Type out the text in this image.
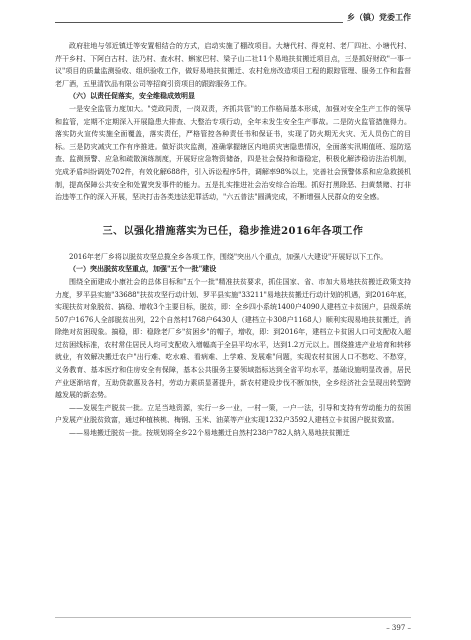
乡（镇）党委工作

政府驻地与邻近镇迁等安置相结合的方式，启动实施了棚改项目。大塘代村、得克村、老厂四社、小塘代村、芹干乡村、下阿白古村、法乃村、查水村、蝌家巴村、梁子山二社11个易地扶贫搬迁项目点，三是抓好财政"一事一议"项目的质量监测验收、组织验收工作，做好易地扶贫搬迁、农村危房改造项目工程的跟踪管理、服务工作和监督老厂酒，五里清饮品有限公司等招商引资项目的跟踪服务工作。

（六）以责任促落实，安全维稳成效明显

一是安全监管力度加大。"党政同责，一岗双责，齐抓共管"的工作格局基本形成，加强对安全生产工作的领导和监管，定期不定期深入开展隐患大排查、大整治专项行动，全年未发生安全生产事故。二是防火监管措施得力。落实防火宣传实施全面覆盖，落实责任，严格管控各种责任书和保证书，实现了防火期无火灾、无人员伤亡的目标。三是防灾减灾工作有序推进。做好洪灾监测，准确掌握辖区内地质灾害隐患情况，全面落实汛期值班、巡防巡查、监测预警、应急和疏散演练制度，开展好应急物资储备，四是社会保持和谐稳定，积极化解涉稳访法治机制，完成矛盾纠纷调处702件，有效化解688件，引入诉讼程序5件，调解率98%以上，完善社会预警体系和应急救援机制，提高保障公共安全和处置突发事件的能力。五是扎实推进社会治安综合治理。抓好打黑除恶、扫黄禁赌、打非治违等工作的深入开展，坚决打击各类违法犯罪活动，"六五普法"圆满完成，不断增强人民群众的安全感。

三、以强化措施落实为已任，稳步推进2016年各项工作

2016年老厂乡将以脱贫攻坚总揽全乡各项工作，围绕"突出八个重点，加强八大建设"开展好以下工作。

（一）突出脱贫攻坚重点，加强"五个一批"建设

围绕全面建成小康社会的总体目标和"五个一批"精准扶贫要求，抓住国家、省、市加大易地扶贫搬迁政策支持力度，罗平县实施"33688"扶贫攻坚行动计划、罗平县实施"33211"易地扶贫搬迁行动计划的机遇，到2016年底，实现扶贫对象脱贫、搞稳、增收3个主要目标，脱贫，即：全乡四小系统1400户4090人建档立卡贫困户，县级系统507户1676人全部脱贫出列，22个自然村1768户6430人（建档立卡308户1168人）顺利实现易地扶贫搬迁，消除绝对贫困现象。搞稳，即：稳除老厂乡"贫困乡"的帽子，增收，即：到2016年，建档立卡贫困人口可支配收入超过贫困线标准，农村常住居民人均可支配收入增幅高于全县平均水平，达到1.2万元以上。围绕推进产业培育和转移就业，有效解决搬迁农户"出行难、吃水难、看病难、上学难、发展难"问题，实现农村贫困人口不愁吃、不愁穿，义务教育、基本医疗和住房安全有保障，基本公共服务主要领域指标达到全省平均水平，基础设施明显改善，居民产业逐渐培育，互助贷款惠及各村，劳动力素质显著提升，新农村建设步伐不断加快，全乡经济社会呈现出转型跨越发展的新态势。

——发展生产脱贫一批。立足当地资源，实行一乡一业，一村一策，一户一法，引导和支持有劳动能力的贫困户发展产业脱贫致富，通过种植核桃、梅钢、玉米、油菜等产业实现1232户3592人建档立卡贫困户脱贫致富。

——易地搬迁脱贫一批。按规划将全乡22个易地搬迁自然村238户782人纳入易地扶贫搬迁

– 397 –
